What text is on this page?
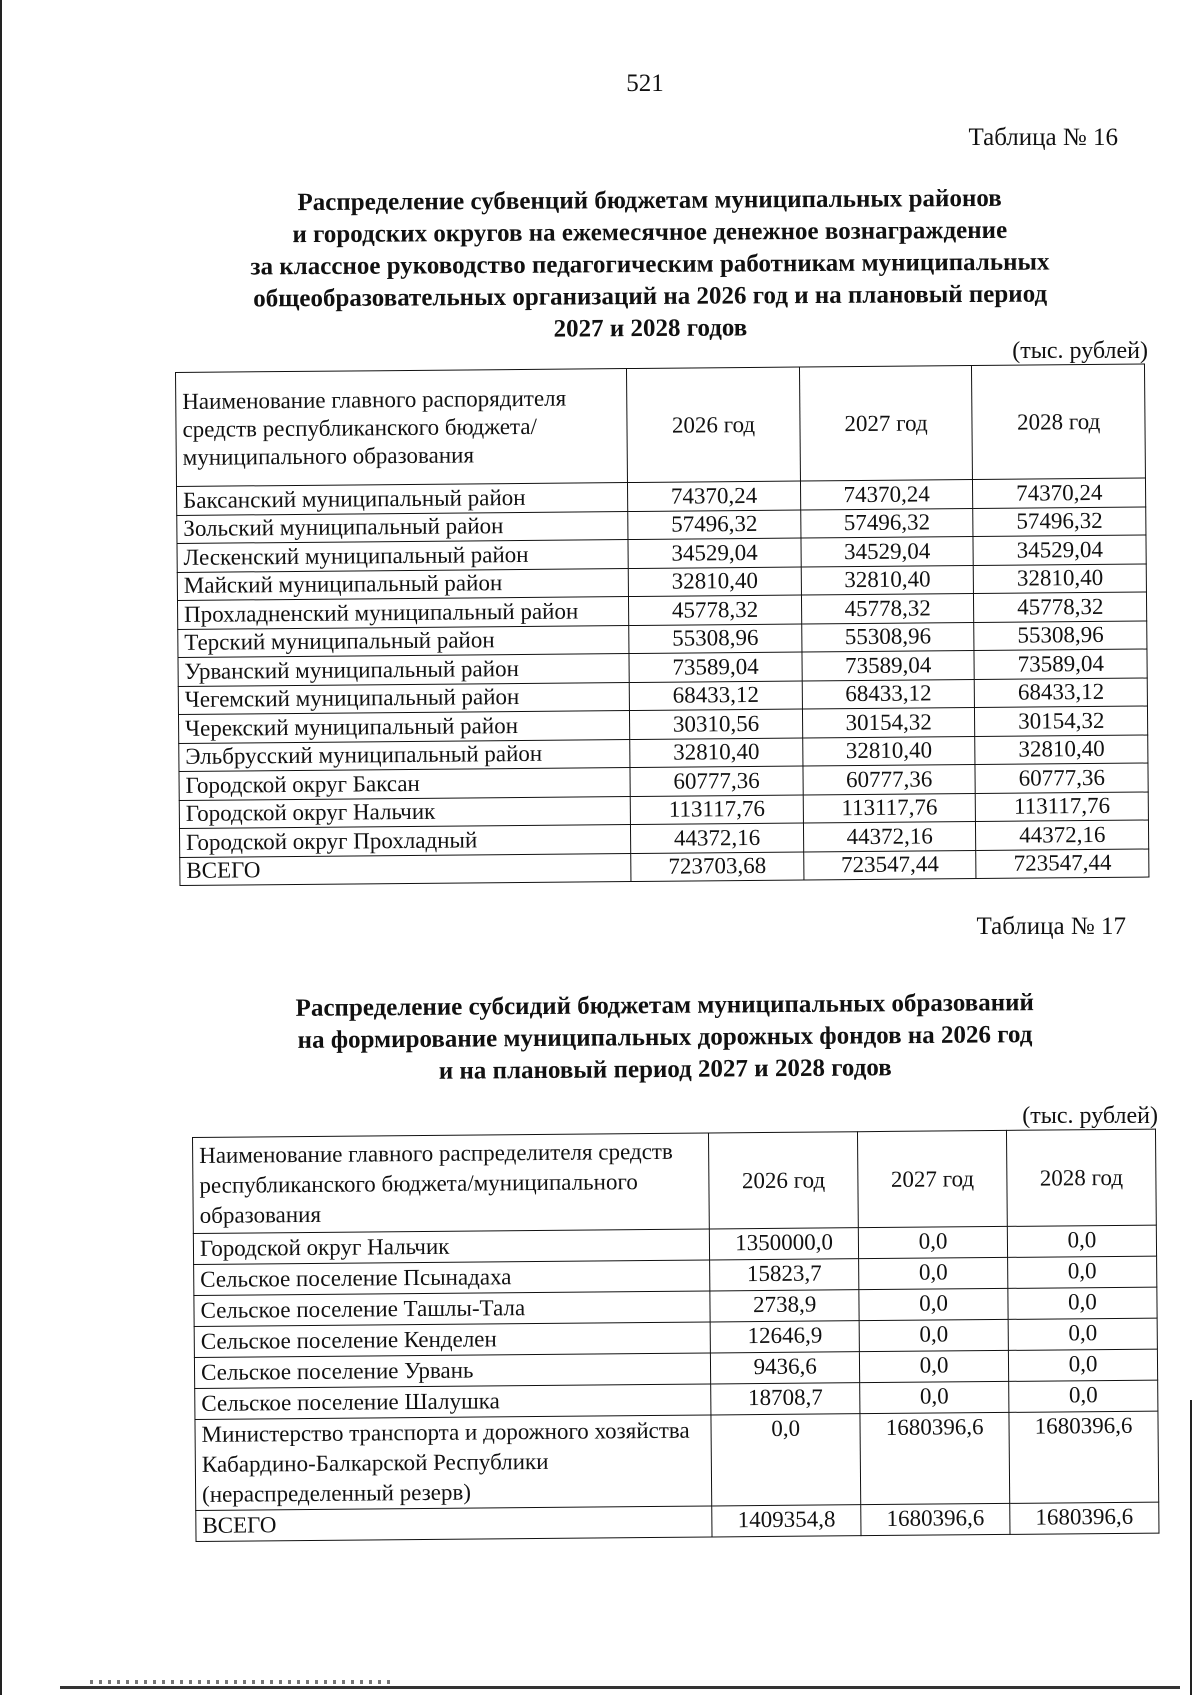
521
Таблица № 16
Распределение субвенций бюджетам муниципальных районов
и городских округов на ежемесячное денежное вознаграждение
за классное руководство педагогическим работникам муниципальных
общеобразовательных организаций на 2026 год и на плановый период
2027 и 2028 годов
(тыс. рублей)
Наименование главного распорядителя средств республиканского бюджета/муниципального образования	2026 год	2027 год	2028 год
Баксанский муниципальный район	74370,24	74370,24	74370,24
Зольский муниципальный район	57496,32	57496,32	57496,32
Лескенский муниципальный район	34529,04	34529,04	34529,04
Майский муниципальный район	32810,40	32810,40	32810,40
Прохладненский муниципальный район	45778,32	45778,32	45778,32
Терский муниципальный район	55308,96	55308,96	55308,96
Урванский муниципальный район	73589,04	73589,04	73589,04
Чегемский муниципальный район	68433,12	68433,12	68433,12
Черекский муниципальный район	30310,56	30154,32	30154,32
Эльбрусский муниципальный район	32810,40	32810,40	32810,40
Городской округ Баксан	60777,36	60777,36	60777,36
Городской округ Нальчик	113117,76	113117,76	113117,76
Городской округ Прохладный	44372,16	44372,16	44372,16
ВСЕГО	723703,68	723547,44	723547,44
Таблица № 17
Распределение субсидий бюджетам муниципальных образований
на формирование муниципальных дорожных фондов на 2026 год
и на плановый период 2027 и 2028 годов
(тыс. рублей)
Наименование главного распределителя средств республиканского бюджета/муниципального образования	2026 год	2027 год	2028 год
Городской округ Нальчик	1350000,0	0,0	0,0
Сельское поселение Псынадаха	15823,7	0,0	0,0
Сельское поселение Ташлы-Тала	2738,9	0,0	0,0
Сельское поселение Кенделен	12646,9	0,0	0,0
Сельское поселение Урвань	9436,6	0,0	0,0
Сельское поселение Шалушка	18708,7	0,0	0,0
Министерство транспорта и дорожного хозяйства Кабардино-Балкарской Республики (нераспределенный резерв)	0,0	1680396,6	1680396,6
ВСЕГО	1409354,8	1680396,6	1680396,6
